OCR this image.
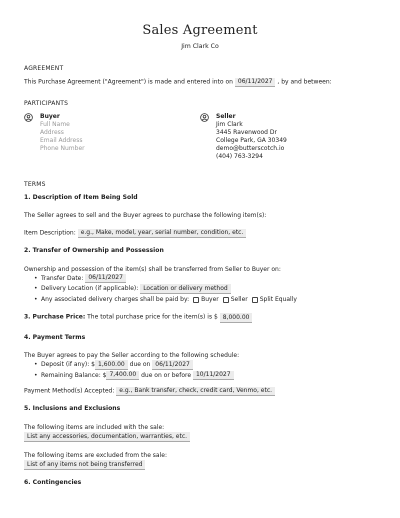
Sales Agreement
Jim Clark Co
AGREEMENT
This Purchase Agreement ("Agreement") is made and entered into on 06/11/2027 , by and between:
PARTICIPANTS
Buyer
Full Name
Address
Email Address
Phone Number
Seller
Jim Clark
3445 Ravenwood Dr
College Park, GA 30349
demo@butterscotch.io
(404) 763-3294
TERMS
1. Description of Item Being Sold
The Seller agrees to sell and the Buyer agrees to purchase the following item(s):
Item Description: e.g., Make, model, year, serial number, condition, etc.
2. Transfer of Ownership and Possession
Ownership and possession of the item(s) shall be transferred from Seller to Buyer on:
• Transfer Date:
06/11/2027
• Delivery Location (if applicable):
Location or delivery method
• Any associated delivery charges shall be paid by: Buyer Seller Split Equally
3. Purchase Price: The total purchase price for the item(s) is $ 8,000.00
4. Payment Terms
The Buyer agrees to pay the Seller according to the following schedule:
• Deposit (if any): $ 1,600.00
due on
06/11/2027
• Remaining Balance: $ 7,400.00
due on or before
10/11/2027
Payment Method(s) Accepted: e.g., Bank transfer, check, credit card, Venmo, etc.
5. Inclusions and Exclusions
The following items are included with the sale:
List any accessories, documentation, warranties, etc.
The following items are excluded from the sale:
List of any items not being transferred
6. Contingencies
